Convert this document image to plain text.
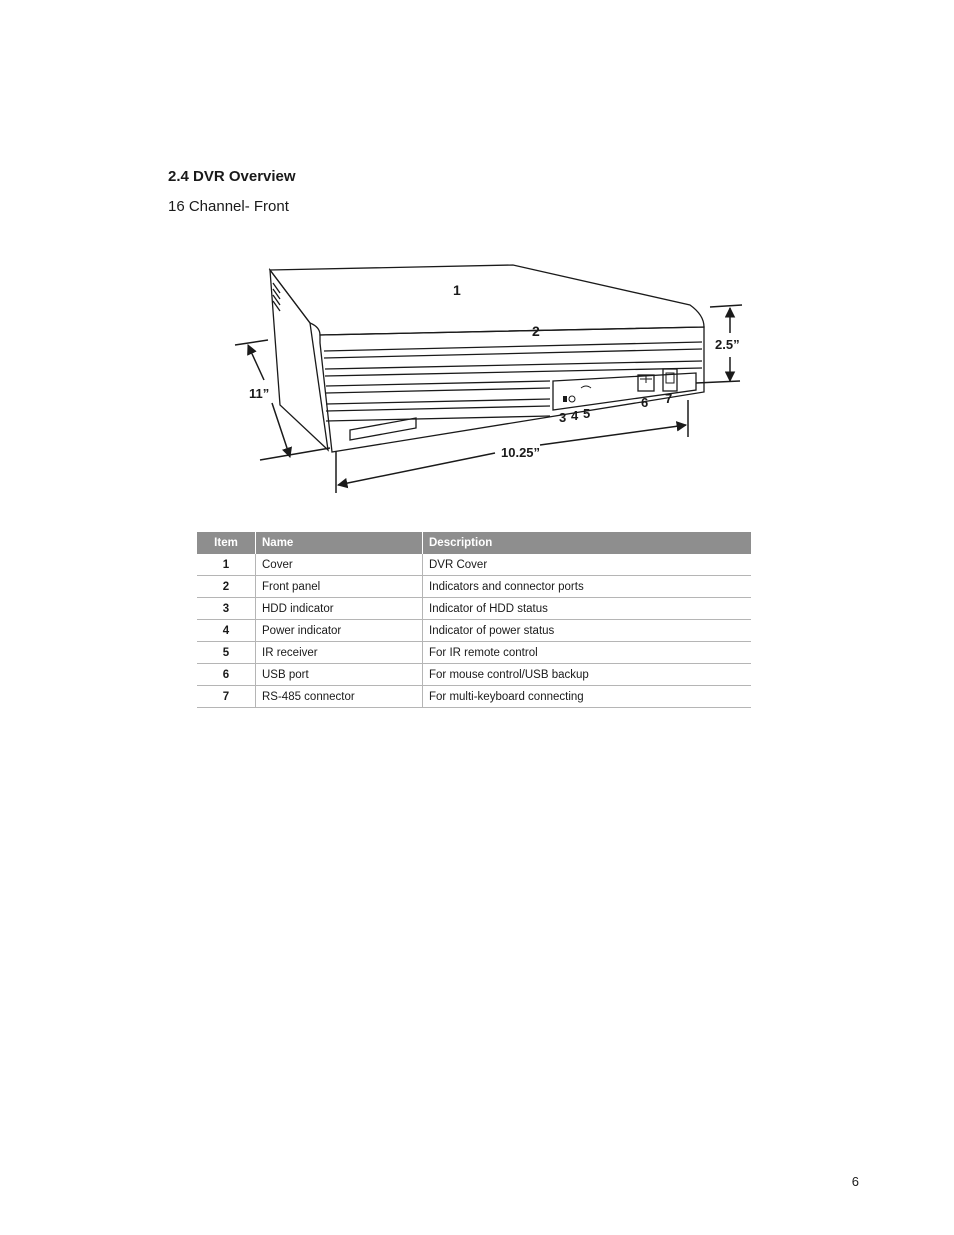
2.4 DVR Overview

16 Channel- Front

1
2
3 4 5
6 7
11”
10.25”
2.5”
Item	Name	Description
1	Cover	DVR Cover
2	Front panel	Indicators and connector ports
3	HDD indicator	Indicator of HDD status
4	Power indicator	Indicator of power status
5	IR receiver	For IR remote control
6	USB port	For mouse control/USB backup
7	RS-485 connector	For multi-keyboard connecting
6
